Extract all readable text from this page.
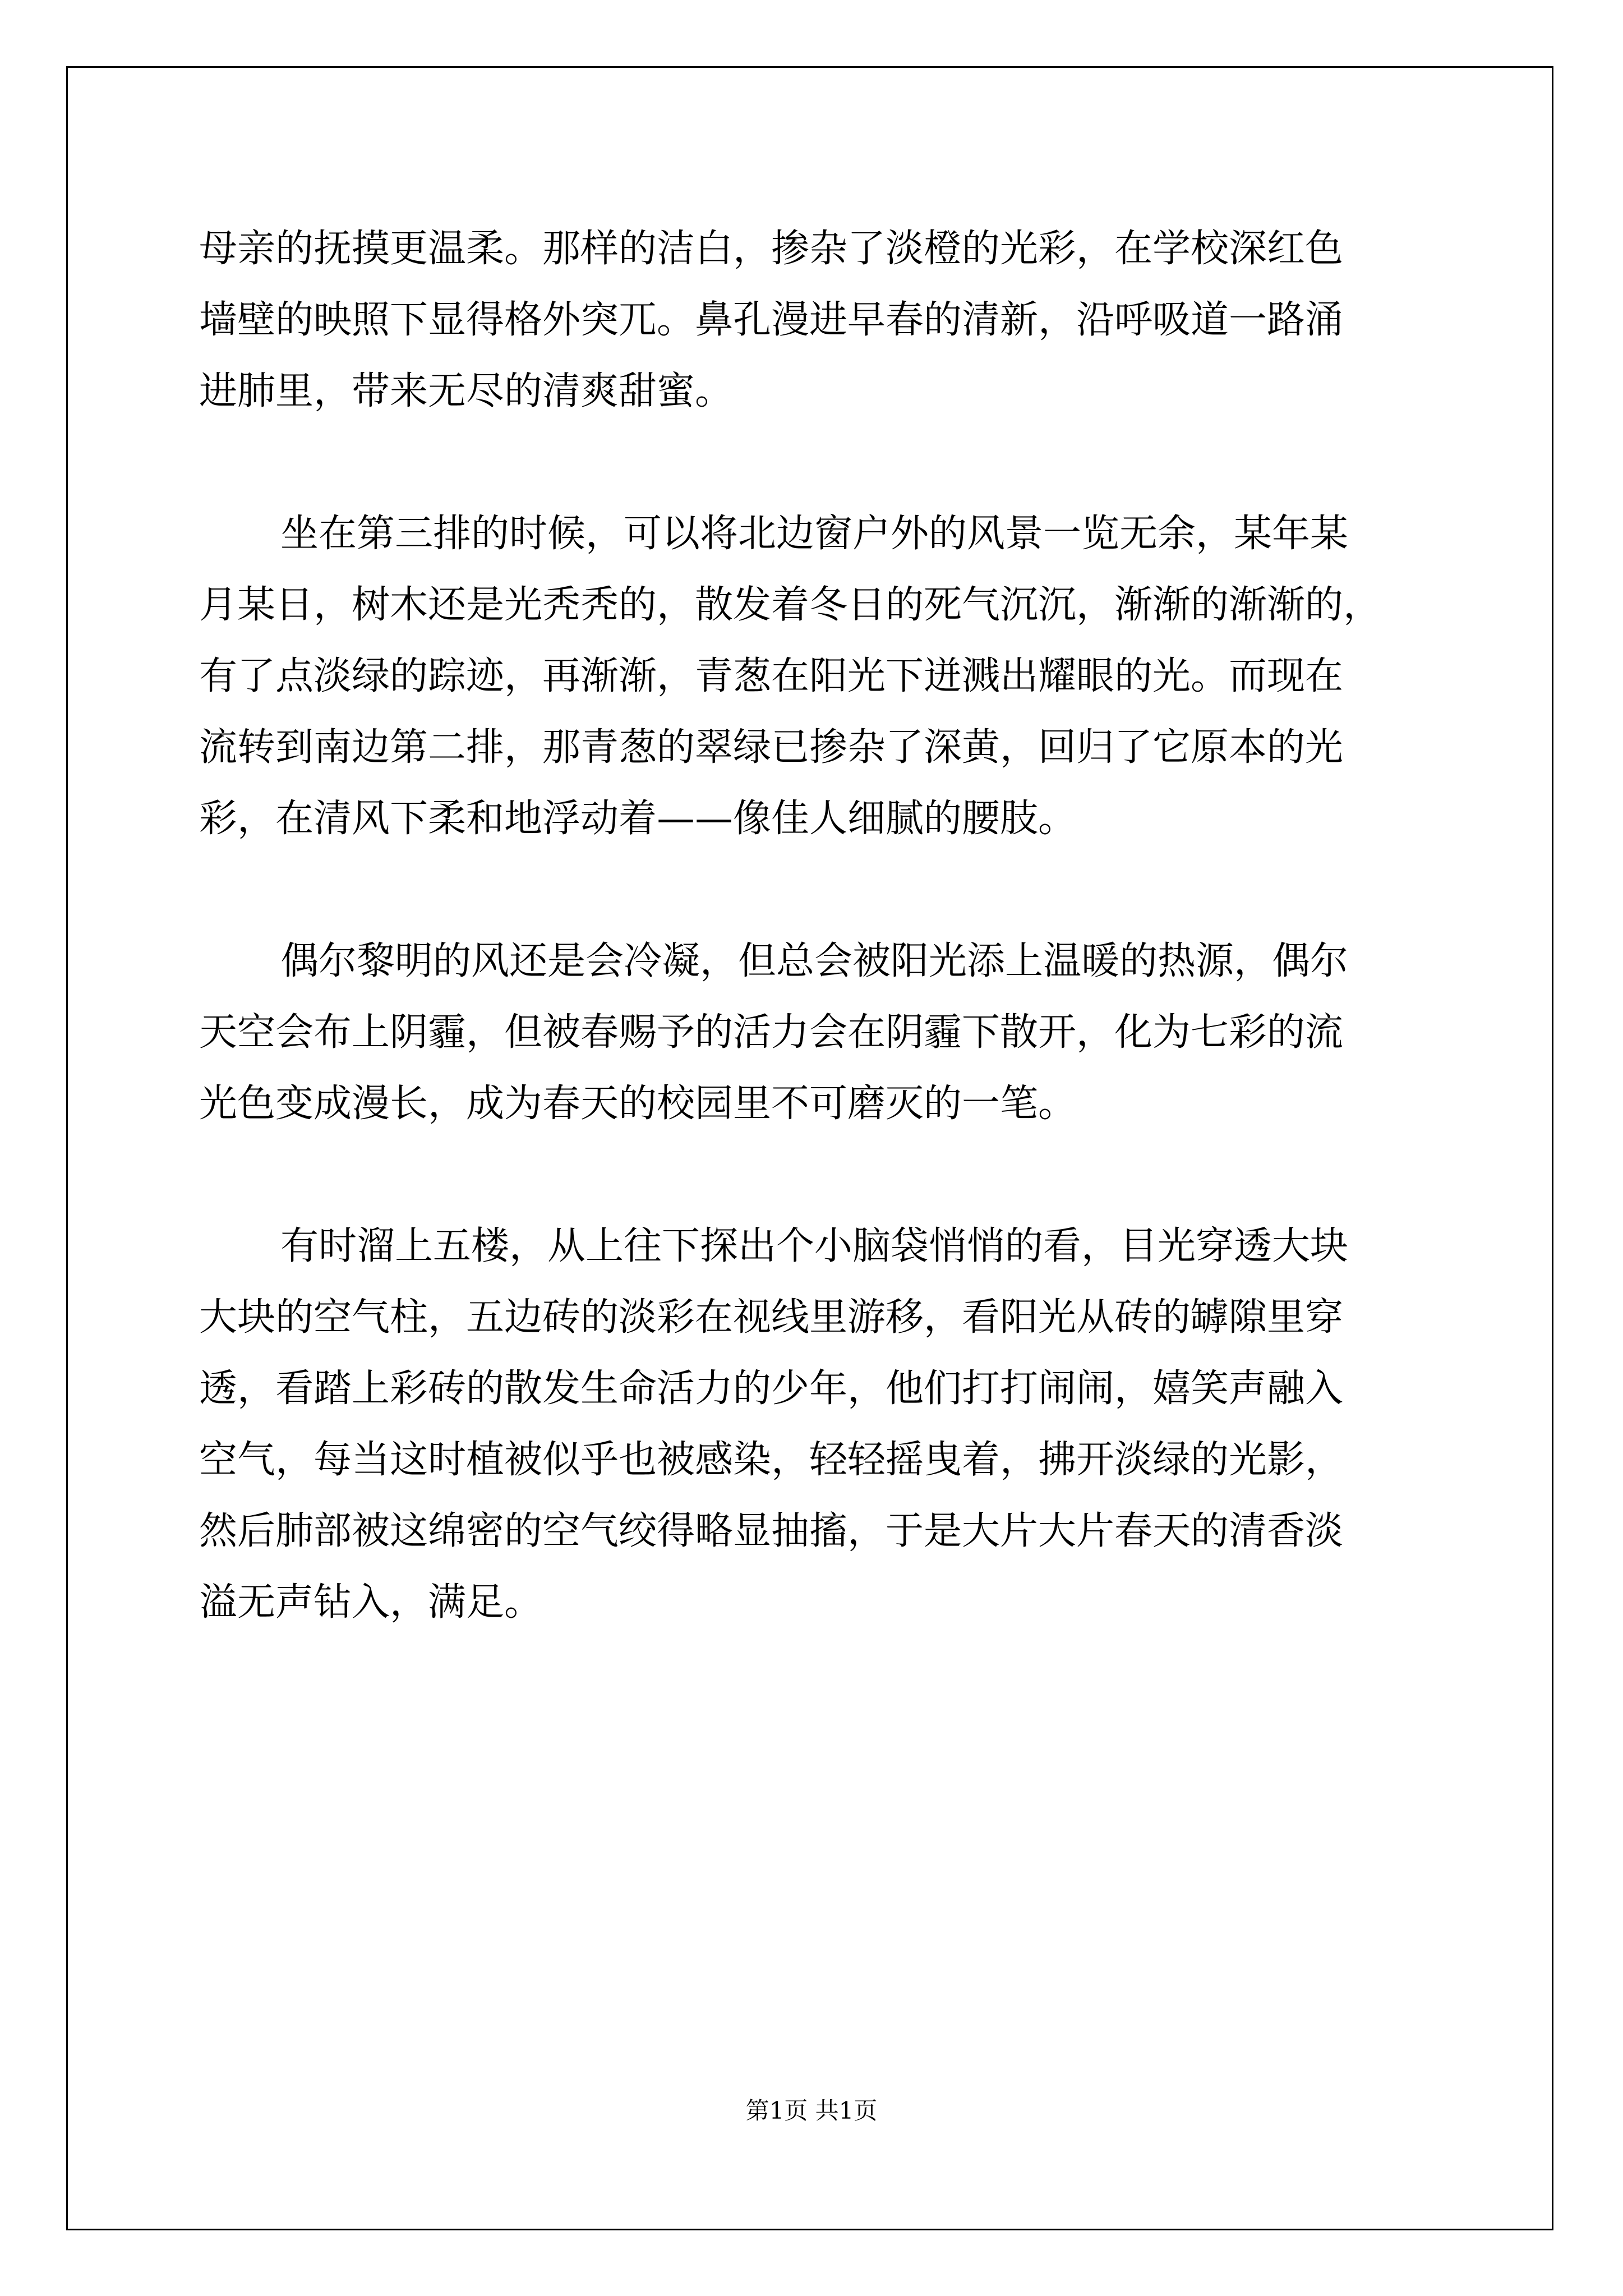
母亲的抚摸更温柔。那样的洁白，掺杂了淡橙的光彩，在学校深红色
墙壁的映照下显得格外突兀。鼻孔漫进早春的清新，沿呼吸道一路涌
进肺里，带来无尽的清爽甜蜜。
坐在第三排的时候，可以将北边窗户外的风景一览无余，某年某
月某日，树木还是光秃秃的，散发着冬日的死气沉沉，渐渐的渐渐的，
有了点淡绿的踪迹，再渐渐，青葱在阳光下迸溅出耀眼的光。而现在
流转到南边第二排，那青葱的翠绿已掺杂了深黄，回归了它原本的光
彩，在清风下柔和地浮动着——像佳人细腻的腰肢。
偶尔黎明的风还是会冷凝，但总会被阳光添上温暖的热源，偶尔
天空会布上阴霾，但被春赐予的活力会在阴霾下散开，化为七彩的流
光色变成漫长，成为春天的校园里不可磨灭的一笔。
有时溜上五楼，从上往下探出个小脑袋悄悄的看，目光穿透大块
大块的空气柱，五边砖的淡彩在视线里游移，看阳光从砖的罅隙里穿
透，看踏上彩砖的散发生命活力的少年，他们打打闹闹，嬉笑声融入
空气，每当这时植被似乎也被感染，轻轻摇曳着，拂开淡绿的光影，
然后肺部被这绵密的空气绞得略显抽搐，于是大片大片春天的清香淡
溢无声钻入，满足。
第1页 共1页
